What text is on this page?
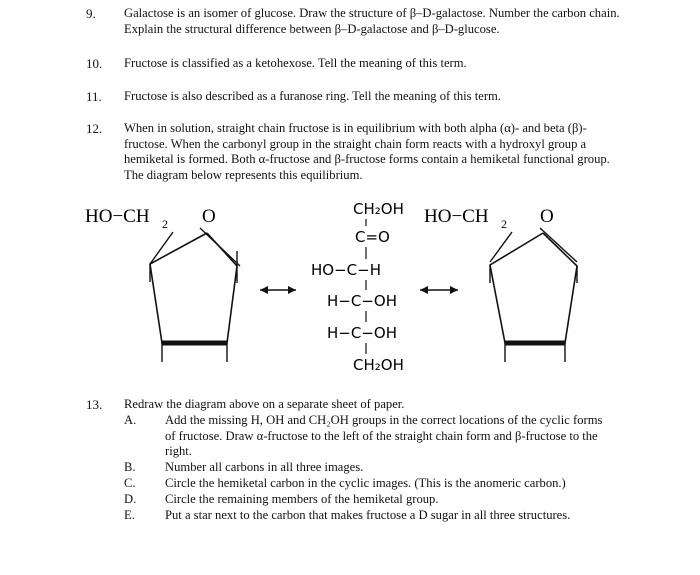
9. Galactose is an isomer of glucose. Draw the structure of β–D-galactose. Number the carbon chain. Explain the structural difference between β–D-galactose and β–D-glucose.
10. Fructose is classified as a ketohexose. Tell the meaning of this term.
11. Fructose is also described as a furanose ring. Tell the meaning of this term.
12. When in solution, straight chain fructose is in equilibrium with both alpha (α)- and beta (β)- fructose. When the carbonyl group in the straight chain form reacts with a hydroxyl group a hemiketal is formed. Both α-fructose and β-fructose forms contain a hemiketal functional group. The diagram below represents this equilibrium.
HO−CH 2 O	CH₂OH
C=O
HO−C−H
H−C−OH
H−C−OH
CH₂OH
HO−CH 2 O
13. Redraw the diagram above on a separate sheet of paper.
A. Add the missing H, OH and CH₂OH groups in the correct locations of the cyclic forms of fructose. Draw α-fructose to the left of the straight chain form and β-fructose to the right.
B. Number all carbons in all three images.
C. Circle the hemiketal carbon in the cyclic images. (This is the anomeric carbon.)
D. Circle the remaining members of the hemiketal group.
E. Put a star next to the carbon that makes fructose a D sugar in all three structures.
